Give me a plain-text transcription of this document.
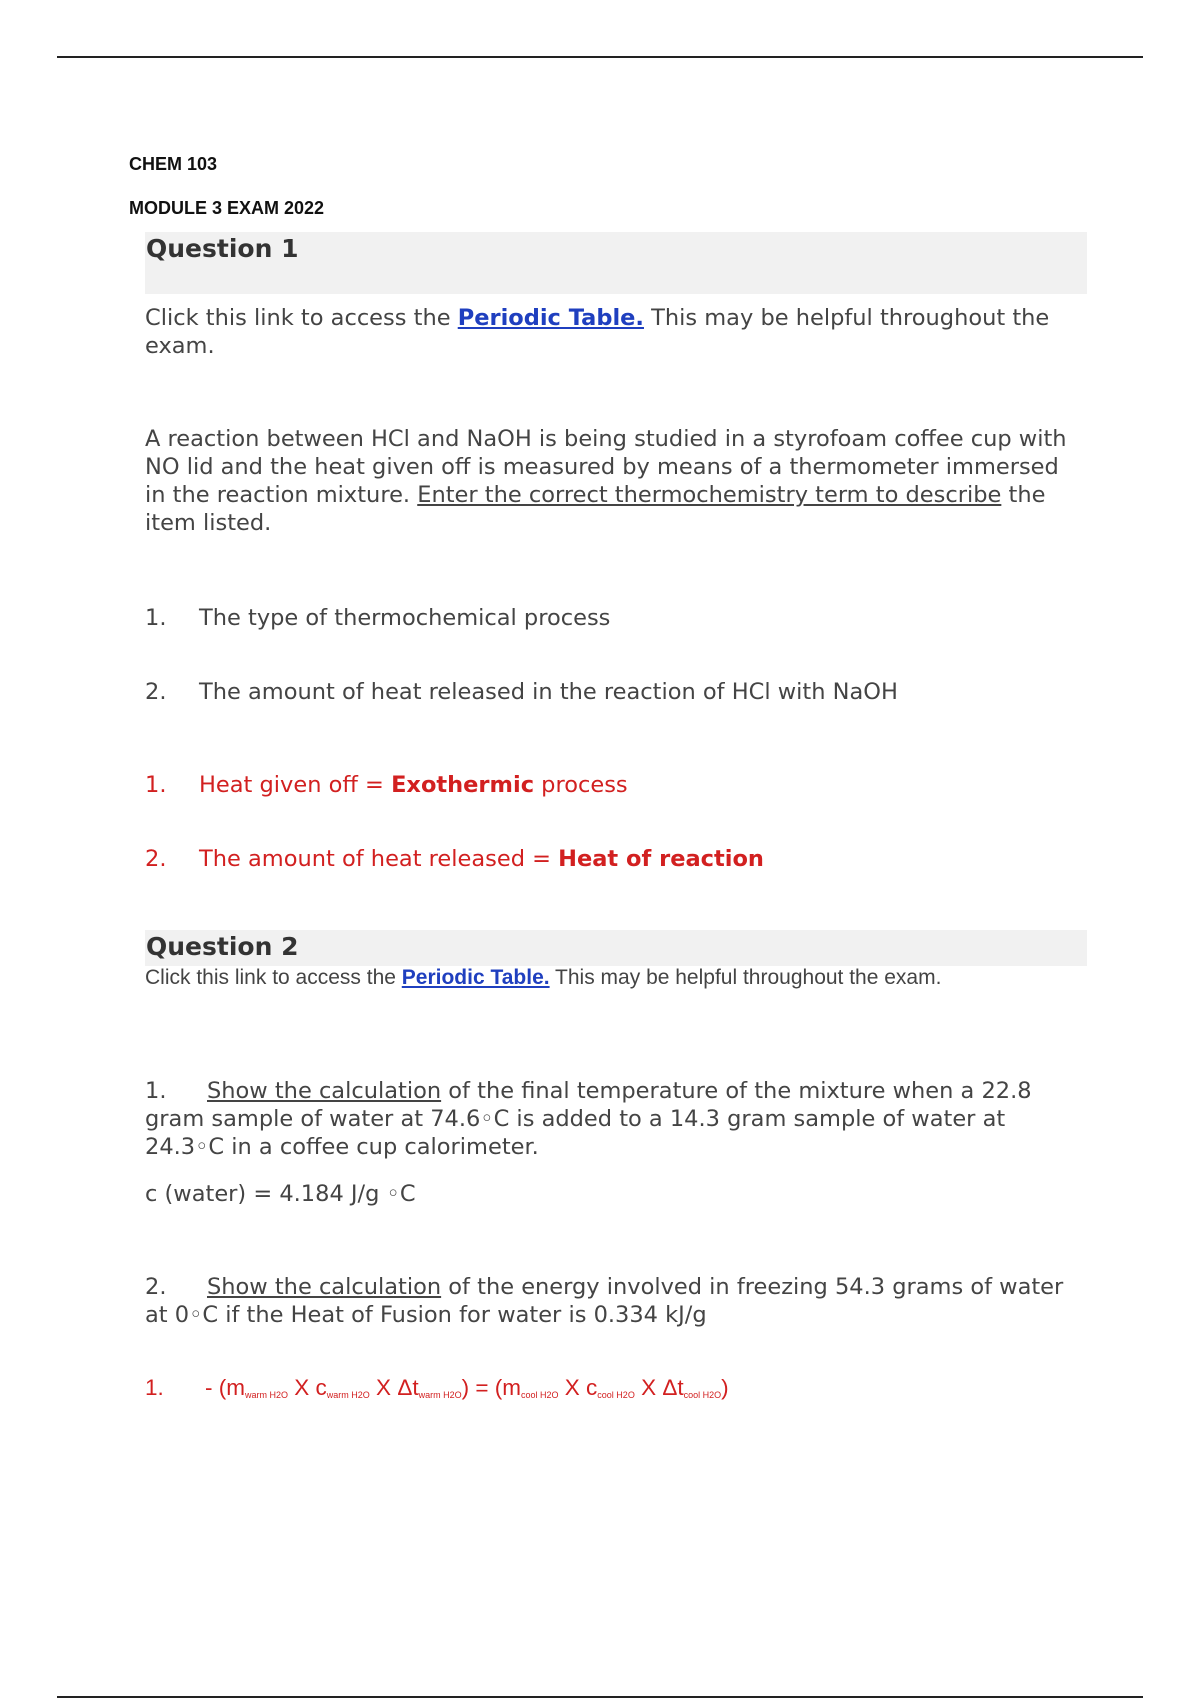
CHEM 103
MODULE 3 EXAM 2022
Question 1
Click this link to access the Periodic Table. This may be helpful throughout the exam.
A reaction between HCl and NaOH is being studied in a styrofoam coffee cup with NO lid and the heat given off is measured by means of a thermometer immersed in the reaction mixture. Enter the correct thermochemistry term to describe the item listed.
1. The type of thermochemical process
2. The amount of heat released in the reaction of HCl with NaOH
1. Heat given off = Exothermic process
2. The amount of heat released = Heat of reaction
Question 2
Click this link to access the Periodic Table. This may be helpful throughout the exam.
1. Show the calculation of the final temperature of the mixture when a 22.8 gram sample of water at 74.6◦C is added to a 14.3 gram sample of water at 24.3◦C in a coffee cup calorimeter.
c (water) = 4.184 J/g ◦C
2. Show the calculation of the energy involved in freezing 54.3 grams of water at 0◦C if the Heat of Fusion for water is 0.334 kJ/g
1. - ($m_{warm H2O}$ X $c_{warm H2O}$ X $\Delta t_{warm H2O}) = (m_{cool H2O}$ X $c_{cool H2O}$ X $\Delta t_{cool H2O}$)
